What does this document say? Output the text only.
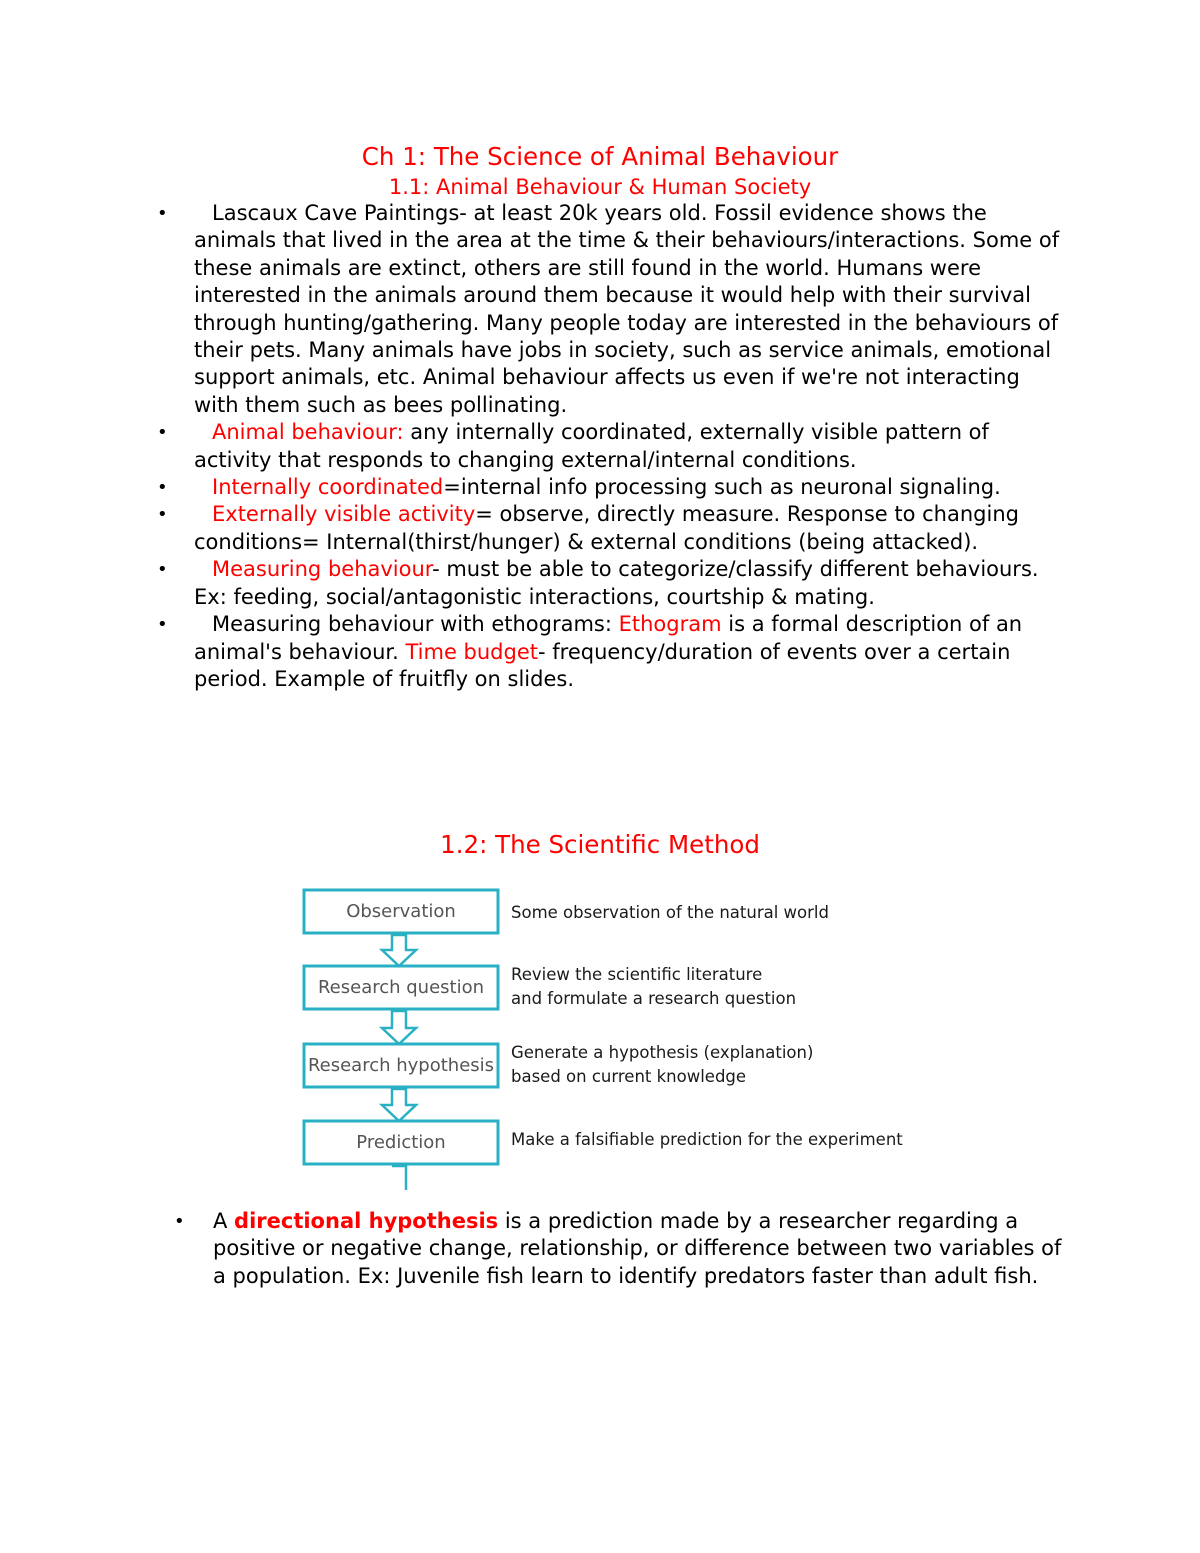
Ch 1: The Science of Animal Behaviour
1.1: Animal Behaviour & Human Society
• Lascaux Cave Paintings- at least 20k years old. Fossil evidence shows the animals that lived in the area at the time & their behaviours/interactions. Some of these animals are extinct, others are still found in the world. Humans were interested in the animals around them because it would help with their survival through hunting/gathering. Many people today are interested in the behaviours of their pets. Many animals have jobs in society, such as service animals, emotional support animals, etc. Animal behaviour affects us even if we're not interacting with them such as bees pollinating.
• Animal behaviour: any internally coordinated, externally visible pattern of activity that responds to changing external/internal conditions.
• Internally coordinated=internal info processing such as neuronal signaling.
• Externally visible activity= observe, directly measure. Response to changing conditions= Internal(thirst/hunger) & external conditions (being attacked).
• Measuring behaviour- must be able to categorize/classify different behaviours. Ex: feeding, social/antagonistic interactions, courtship & mating.
• Measuring behaviour with ethograms: Ethogram is a formal description of an animal's behaviour. Time budget- frequency/duration of events over a certain period. Example of fruitfly on slides.
1.2: The Scientific Method
Observation
Research question
Research hypothesis
Prediction
Some observation of the natural world
Review the scientific literature
and formulate a research question
Generate a hypothesis (explanation)
based on current knowledge
Make a falsifiable prediction for the experiment
• A directional hypothesis is a prediction made by a researcher regarding a positive or negative change, relationship, or difference between two variables of a population. Ex: Juvenile fish learn to identify predators faster than adult fish.
